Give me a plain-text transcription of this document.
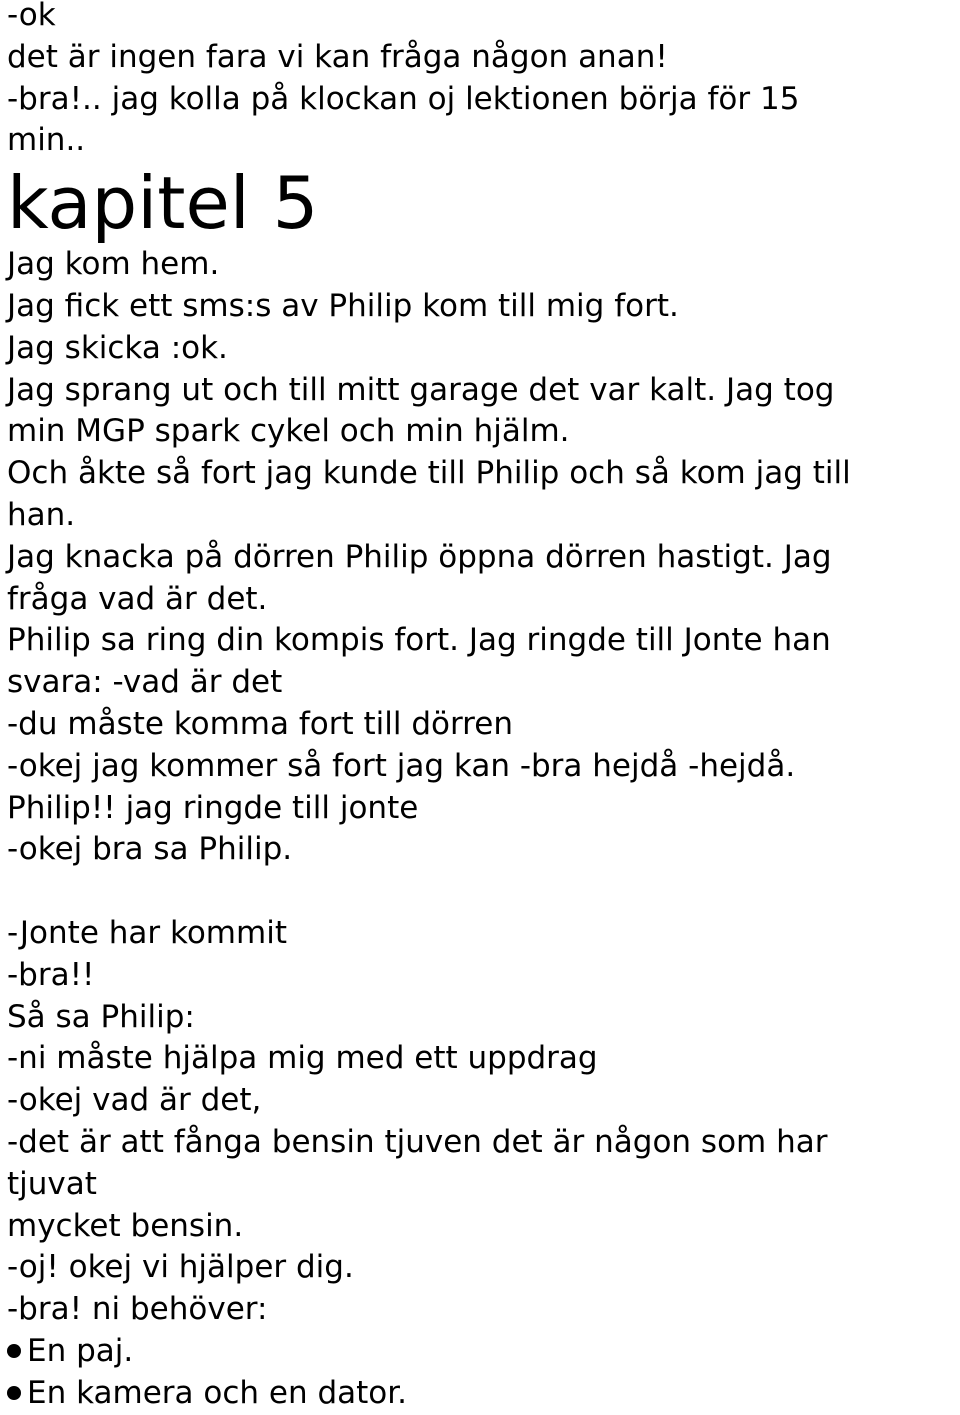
-ok
det är ingen fara vi kan fråga någon anan!
-bra!.. jag kolla på klockan oj lektionen börja för 15
min..
kapitel 5
Jag kom hem.
Jag fick ett sms:s av Philip kom till mig fort.
Jag skicka :ok.
Jag sprang ut och till mitt garage det var kalt. Jag tog
min MGP spark cykel och min hjälm.
Och åkte så fort jag kunde till Philip och så kom jag till
han.
Jag knacka på dörren Philip öppna dörren hastigt. Jag
fråga vad är det.
Philip sa ring din kompis fort. Jag ringde till Jonte han
svara: -vad är det
-du måste komma fort till dörren
-okej jag kommer så fort jag kan -bra hejdå -hejdå.
Philip!! jag ringde till jonte
-okej bra sa Philip.
-Jonte har kommit
-bra!!
Så sa Philip:
-ni måste hjälpa mig med ett uppdrag
-okej vad är det,
-det är att fånga bensin tjuven det är någon som har
tjuvat
mycket bensin.
-oj! okej vi hjälper dig.
-bra! ni behöver:
En paj.
En kamera och en dator.
